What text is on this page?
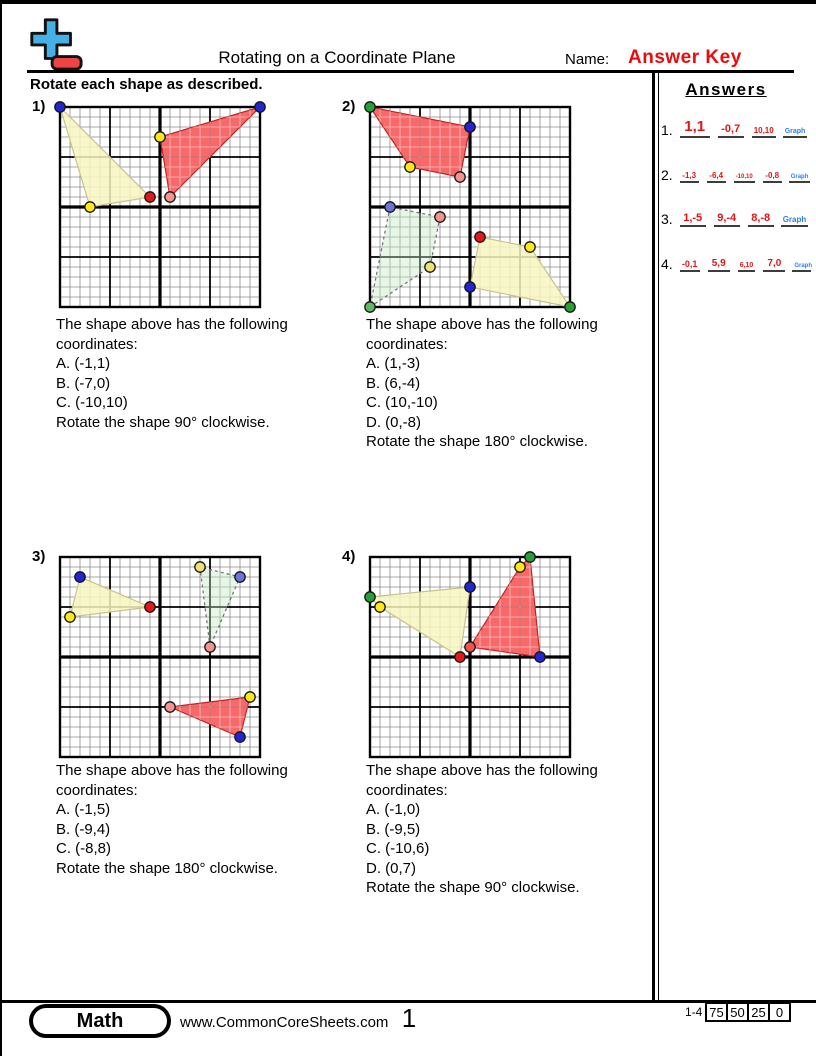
Rotating on a Coordinate Plane	Name: Answer Key
Rotate each shape as described.
1)
The shape above has the following coordinates:
A. (-1,1)
B. (-7,0)
C. (-10,10)
Rotate the shape 90° clockwise.
2)
The shape above has the following coordinates:
A. (1,-3)
B. (6,-4)
C. (10,-10)
D. (0,-8)
Rotate the shape 180° clockwise.
3)
The shape above has the following coordinates:
A. (-1,5)
B. (-9,4)
C. (-8,8)
Rotate the shape 180° clockwise.
4)
The shape above has the following coordinates:
A. (-1,0)
B. (-9,5)
C. (-10,6)
D. (0,7)
Rotate the shape 90° clockwise.
Answers
1. 1,1	-0,7	10,10 Graph
2.	-1,3	-6,4	-10,10	-0,8	Graph
3. 1,-5	9,-4	8,-8	Graph
4. -0,1	5,9	6,10	7,0	Graph
Math	www.CommonCoreSheets.com 1	1-4 75 50 25 0
